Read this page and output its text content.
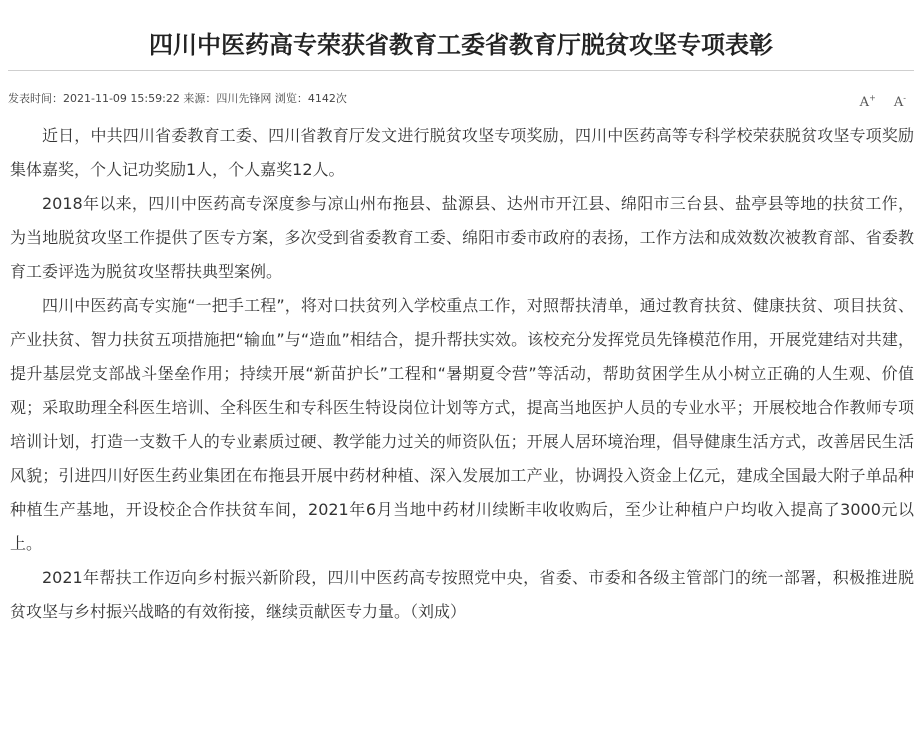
四川中医药高专荣获省教育工委省教育厅脱贫攻坚专项表彰
发表时间：2021-11-09 15:59:22 来源：四川先锋网 浏览：4142次	A+ A-

近日，中共四川省委教育工委、四川省教育厅发文进行脱贫攻坚专项奖励，四川中医药高等专科学校荣获脱贫攻坚专项奖励集体嘉奖，个人记功奖励1人，个人嘉奖12人。

2018年以来，四川中医药高专深度参与凉山州布拖县、盐源县、达州市开江县、绵阳市三台县、盐亭县等地的扶贫工作，为当地脱贫攻坚工作提供了医专方案，多次受到省委教育工委、绵阳市委市政府的表扬，工作方法和成效数次被教育部、省委教育工委评选为脱贫攻坚帮扶典型案例。

四川中医药高专实施“一把手工程”，将对口扶贫列入学校重点工作，对照帮扶清单，通过教育扶贫、健康扶贫、项目扶贫、产业扶贫、智力扶贫五项措施把“输血”与“造血”相结合，提升帮扶实效。该校充分发挥党员先锋模范作用，开展党建结对共建，提升基层党支部战斗堡垒作用；持续开展“新苗护长”工程和“暑期夏令营”等活动，帮助贫困学生从小树立正确的人生观、价值观；采取助理全科医生培训、全科医生和专科医生特设岗位计划等方式，提高当地医护人员的专业水平；开展校地合作教师专项培训计划，打造一支数千人的专业素质过硬、教学能力过关的师资队伍；开展人居环境治理，倡导健康生活方式，改善居民生活风貌；引进四川好医生药业集团在布拖县开展中药材种植、深入发展加工产业，协调投入资金上亿元，建成全国最大附子单品种种植生产基地，开设校企合作扶贫车间，2021年6月当地中药材川续断丰收收购后，至少让种植户户均收入提高了3000元以上。

2021年帮扶工作迈向乡村振兴新阶段，四川中医药高专按照党中央，省委、市委和各级主管部门的统一部署，积极推进脱贫攻坚与乡村振兴战略的有效衔接，继续贡献医专力量。（刘成）
